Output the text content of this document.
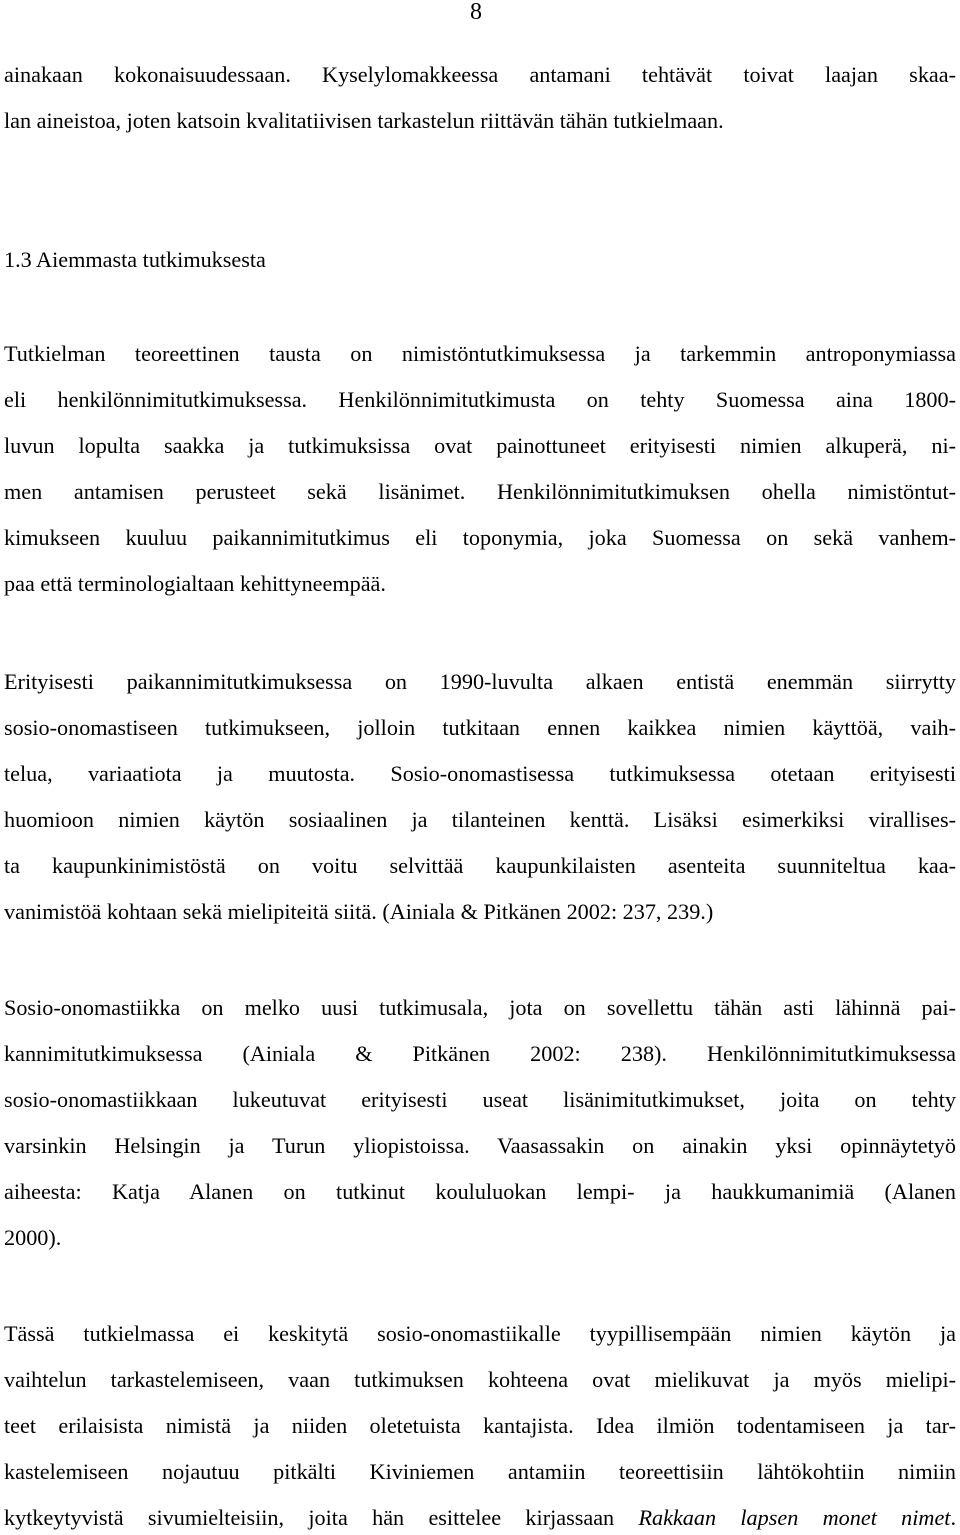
8

ainakaan kokonaisuudessaan. Kyselylomakkeessa antamani tehtävät toivat laajan skaa-

lan aineistoa, joten katsoin kvalitatiivisen tarkastelun riittävän tähän tutkielmaan.

1.3 Aiemmasta tutkimuksesta

Tutkielman teoreettinen tausta on nimistöntutkimuksessa ja tarkemmin antroponymiassa

eli henkilönnimitutkimuksessa. Henkilönnimitutkimusta on tehty Suomessa aina 1800-

luvun lopulta saakka ja tutkimuksissa ovat painottuneet erityisesti nimien alkuperä, ni-

men antamisen perusteet sekä lisänimet. Henkilönnimitutkimuksen ohella nimistöntut-

kimukseen kuuluu paikannimitutkimus eli toponymia, joka Suomessa on sekä vanhem-

paa että terminologialtaan kehittyneempää.

Erityisesti paikannimitutkimuksessa on 1990-luvulta alkaen entistä enemmän siirrytty

sosio-onomastiseen tutkimukseen, jolloin tutkitaan ennen kaikkea nimien käyttöä, vaih-

telua, variaatiota ja muutosta. Sosio-onomastisessa tutkimuksessa otetaan erityisesti

huomioon nimien käytön sosiaalinen ja tilanteinen kenttä. Lisäksi esimerkiksi virallises-

ta kaupunkinimistöstä on voitu selvittää kaupunkilaisten asenteita suunniteltua kaa-

vanimistöä kohtaan sekä mielipiteitä siitä. (Ainiala & Pitkänen 2002: 237, 239.)

Sosio-onomastiikka on melko uusi tutkimusala, jota on sovellettu tähän asti lähinnä pai-

kannimitutkimuksessa (Ainiala & Pitkänen 2002: 238). Henkilönnimitutkimuksessa

sosio-onomastiikkaan lukeutuvat erityisesti useat lisänimitutkimukset, joita on tehty

varsinkin Helsingin ja Turun yliopistoissa. Vaasassakin on ainakin yksi opinnäytetyö

aiheesta: Katja Alanen on tutkinut koululuokan lempi- ja haukkumanimiä (Alanen

2000).

Tässä tutkielmassa ei keskitytä sosio-onomastiikalle tyypillisempään nimien käytön ja

vaihtelun tarkastelemiseen, vaan tutkimuksen kohteena ovat mielikuvat ja myös mielipi-

teet erilaisista nimistä ja niiden oletetuista kantajista. Idea ilmiön todentamiseen ja tar-

kastelemiseen nojautuu pitkälti Kiviniemen antamiin teoreettisiin lähtökohtiin nimiin

kytkeytyvistä sivumielteisiin, joita hän esittelee kirjassaan Rakkaan lapsen monet nimet.
